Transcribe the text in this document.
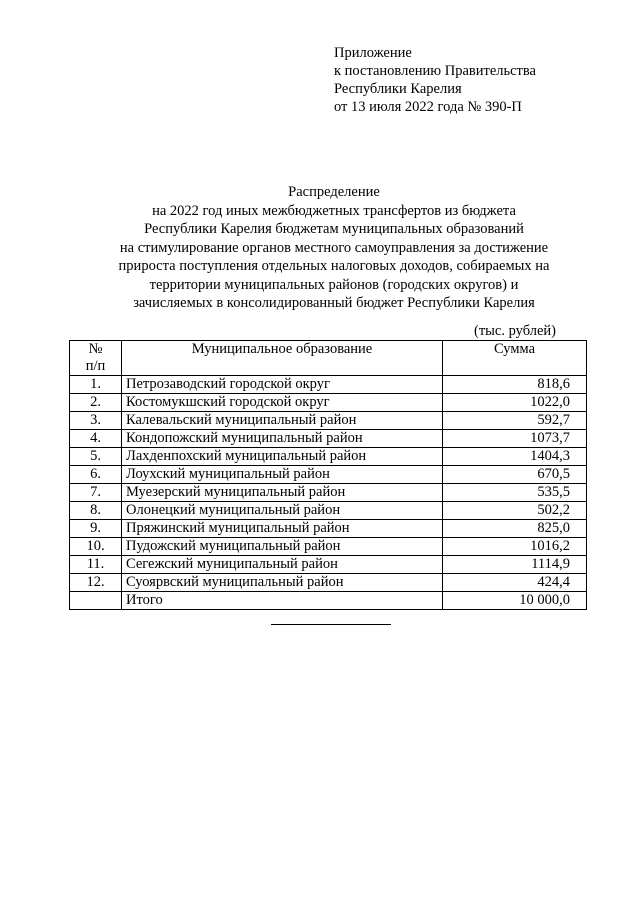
Приложение
к постановлению Правительства
Республики Карелия
от 13 июля 2022 года № 390-П
Распределение
на 2022 год иных межбюджетных трансфертов из бюджета
Республики Карелия бюджетам муниципальных образований
на стимулирование органов местного самоуправления за достижение
прироста поступления отдельных налоговых доходов, собираемых на
территории муниципальных районов (городских округов) и
зачисляемых в консолидированный бюджет Республики Карелия
(тыс. рублей)
№
п/п	Муниципальное образование	Сумма
1.	Петрозаводский городской округ	818,6
2.	Костомукшский городской округ	1022,0
3.	Калевальский муниципальный район	592,7
4.	Кондопожский муниципальный район	1073,7
5.	Лахденпохский муниципальный район	1404,3
6.	Лоухский муниципальный район	670,5
7.	Муезерский муниципальный район	535,5
8.	Олонецкий муниципальный район	502,2
9.	Пряжинский муниципальный район	825,0
10.	Пудожский муниципальный район	1016,2
11.	Сегежский муниципальный район	1114,9
12.	Суоярвский муниципальный район	424,4
	Итого	10 000,0
